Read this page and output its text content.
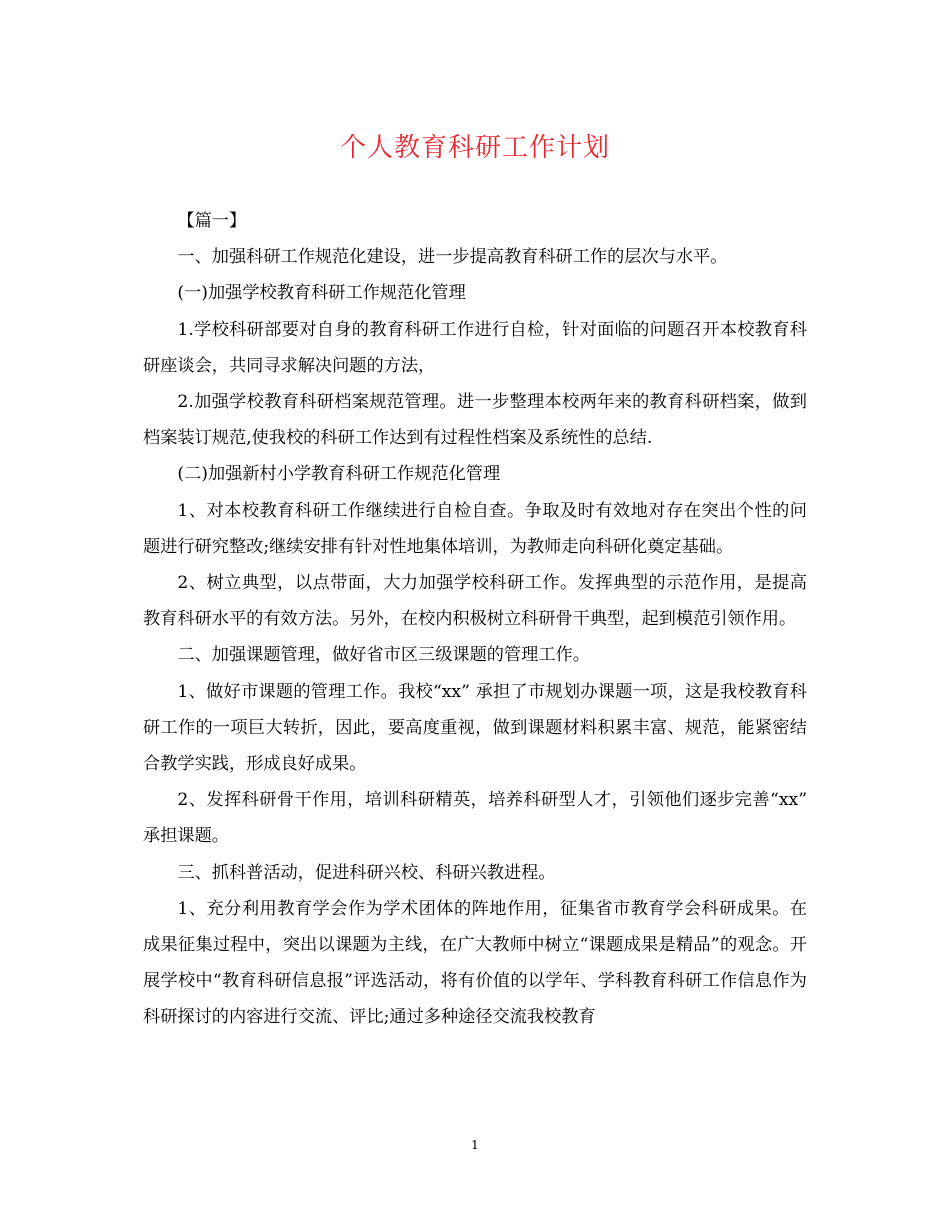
个人教育科研工作计划

【篇一】

一、加强科研工作规范化建设，进一步提高教育科研工作的层次与水平。

(一)加强学校教育科研工作规范化管理

1.学校科研部要对自身的教育科研工作进行自检，针对面临的问题召开本校教育科研座谈会，共同寻求解决问题的方法，

2.加强学校教育科研档案规范管理。进一步整理本校两年来的教育科研档案，做到档案装订规范,使我校的科研工作达到有过程性档案及系统性的总结.

(二)加强新村小学教育科研工作规范化管理

1、对本校教育科研工作继续进行自检自查。争取及时有效地对存在突出个性的问题进行研究整改;继续安排有针对性地集体培训，为教师走向科研化奠定基础。

2、树立典型，以点带面，大力加强学校科研工作。发挥典型的示范作用，是提高教育科研水平的有效方法。另外，在校内积极树立科研骨干典型，起到模范引领作用。

二、加强课题管理，做好省市区三级课题的管理工作。

1、做好市课题的管理工作。我校“xx” 承担了市规划办课题一项，这是我校教育科研工作的一项巨大转折，因此，要高度重视，做到课题材料积累丰富、规范，能紧密结合教学实践，形成良好成果。

2、发挥科研骨干作用，培训科研精英，培养科研型人才，引领他们逐步完善“xx” 承担课题。

三、抓科普活动，促进科研兴校、科研兴教进程。

1、充分利用教育学会作为学术团体的阵地作用，征集省市教育学会科研成果。在成果征集过程中，突出以课题为主线，在广大教师中树立“课题成果是精品”的观念。开展学校中“教育科研信息报”评选活动，将有价值的以学年、学科教育科研工作信息作为科研探讨的内容进行交流、评比;通过多种途径交流我校教育

1
